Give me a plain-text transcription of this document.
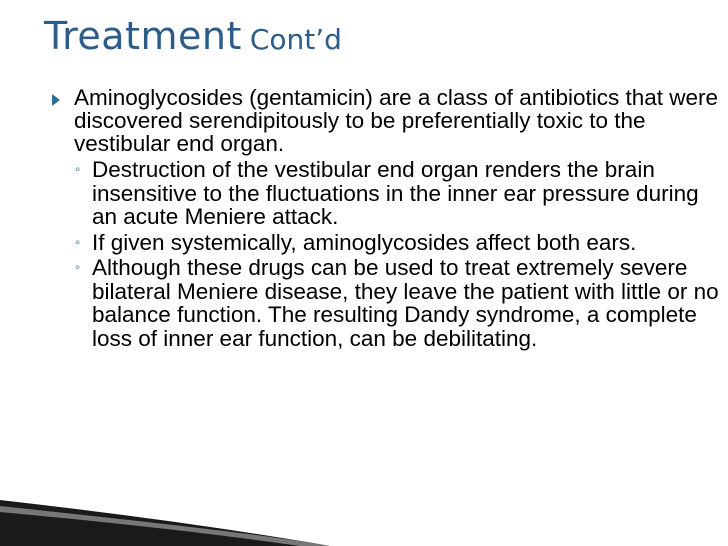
Treatment Cont’d
Aminoglycosides (gentamicin) are a class of antibiotics that were discovered serendipitously to be preferentially toxic to the vestibular end organ.
◦ Destruction of the vestibular end organ renders the brain insensitive to the fluctuations in the inner ear pressure during an acute Meniere attack.
◦ If given systemically, aminoglycosides affect both ears.
◦ Although these drugs can be used to treat extremely severe bilateral Meniere disease, they leave the patient with little or no balance function. The resulting Dandy syndrome, a complete loss of inner ear function, can be debilitating.
